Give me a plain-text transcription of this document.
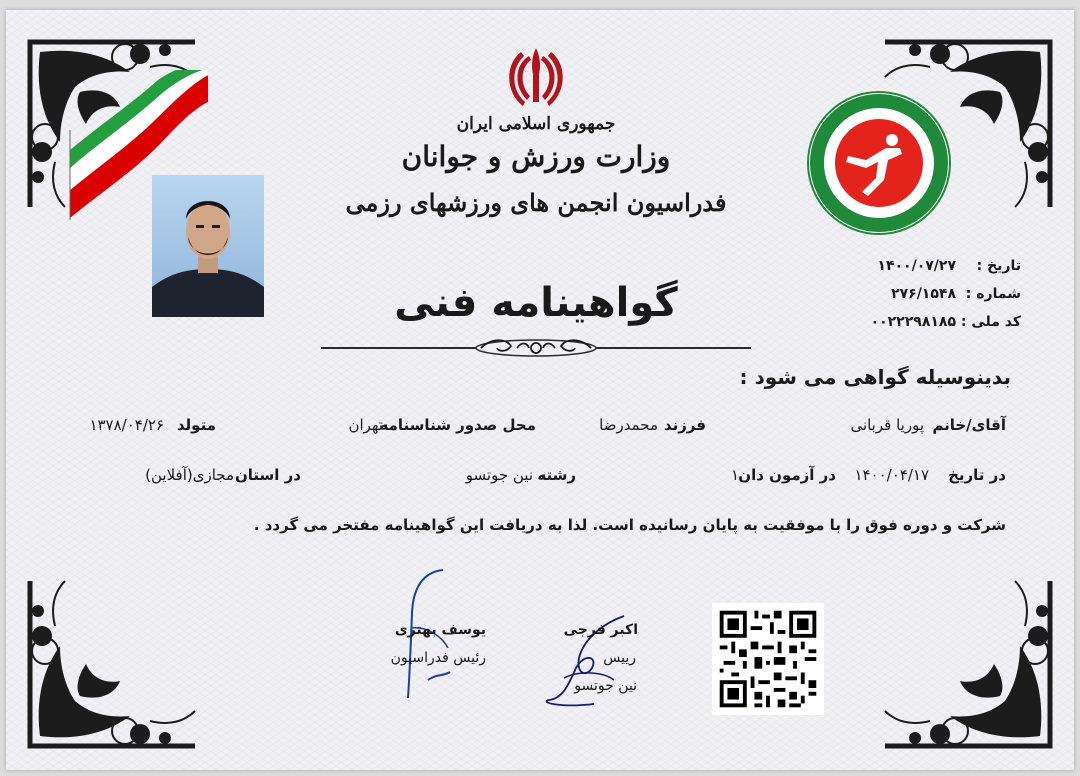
جمهوری اسلامی ایران
وزارت ورزش و جوانان
فدراسیون انجمن های ورزشهای رزمی
تاریخ :
۱۴۰۰/۰۷/۲۷
شماره :
۲۷۶/۱۵۴۸
کد ملی :
۰۰۲۲۲۹۸۱۸۵
گواهینامه فنی
بدینوسیله گواهی می شود :
آقای/خانم
پوریا قربانی
فرزند
محمدرضا
محل صدور شناسنامه
تهران
متولد
۱۳۷۸/۰۴/۲۶
در تاریخ
۱۴۰۰/۰۴/۱۷
در آزمون دان
۱
رشته
نین جوتسو
در استان
مجازی(آفلاین)
شرکت و دوره فوق را با موفقیت به پایان رسانیده است. لذا به دریافت این گواهینامه مفتخر می گردد .
یوسف بهتری
رئیس فدراسیون
اکبر فرجی
رییس
نین جوتسو
